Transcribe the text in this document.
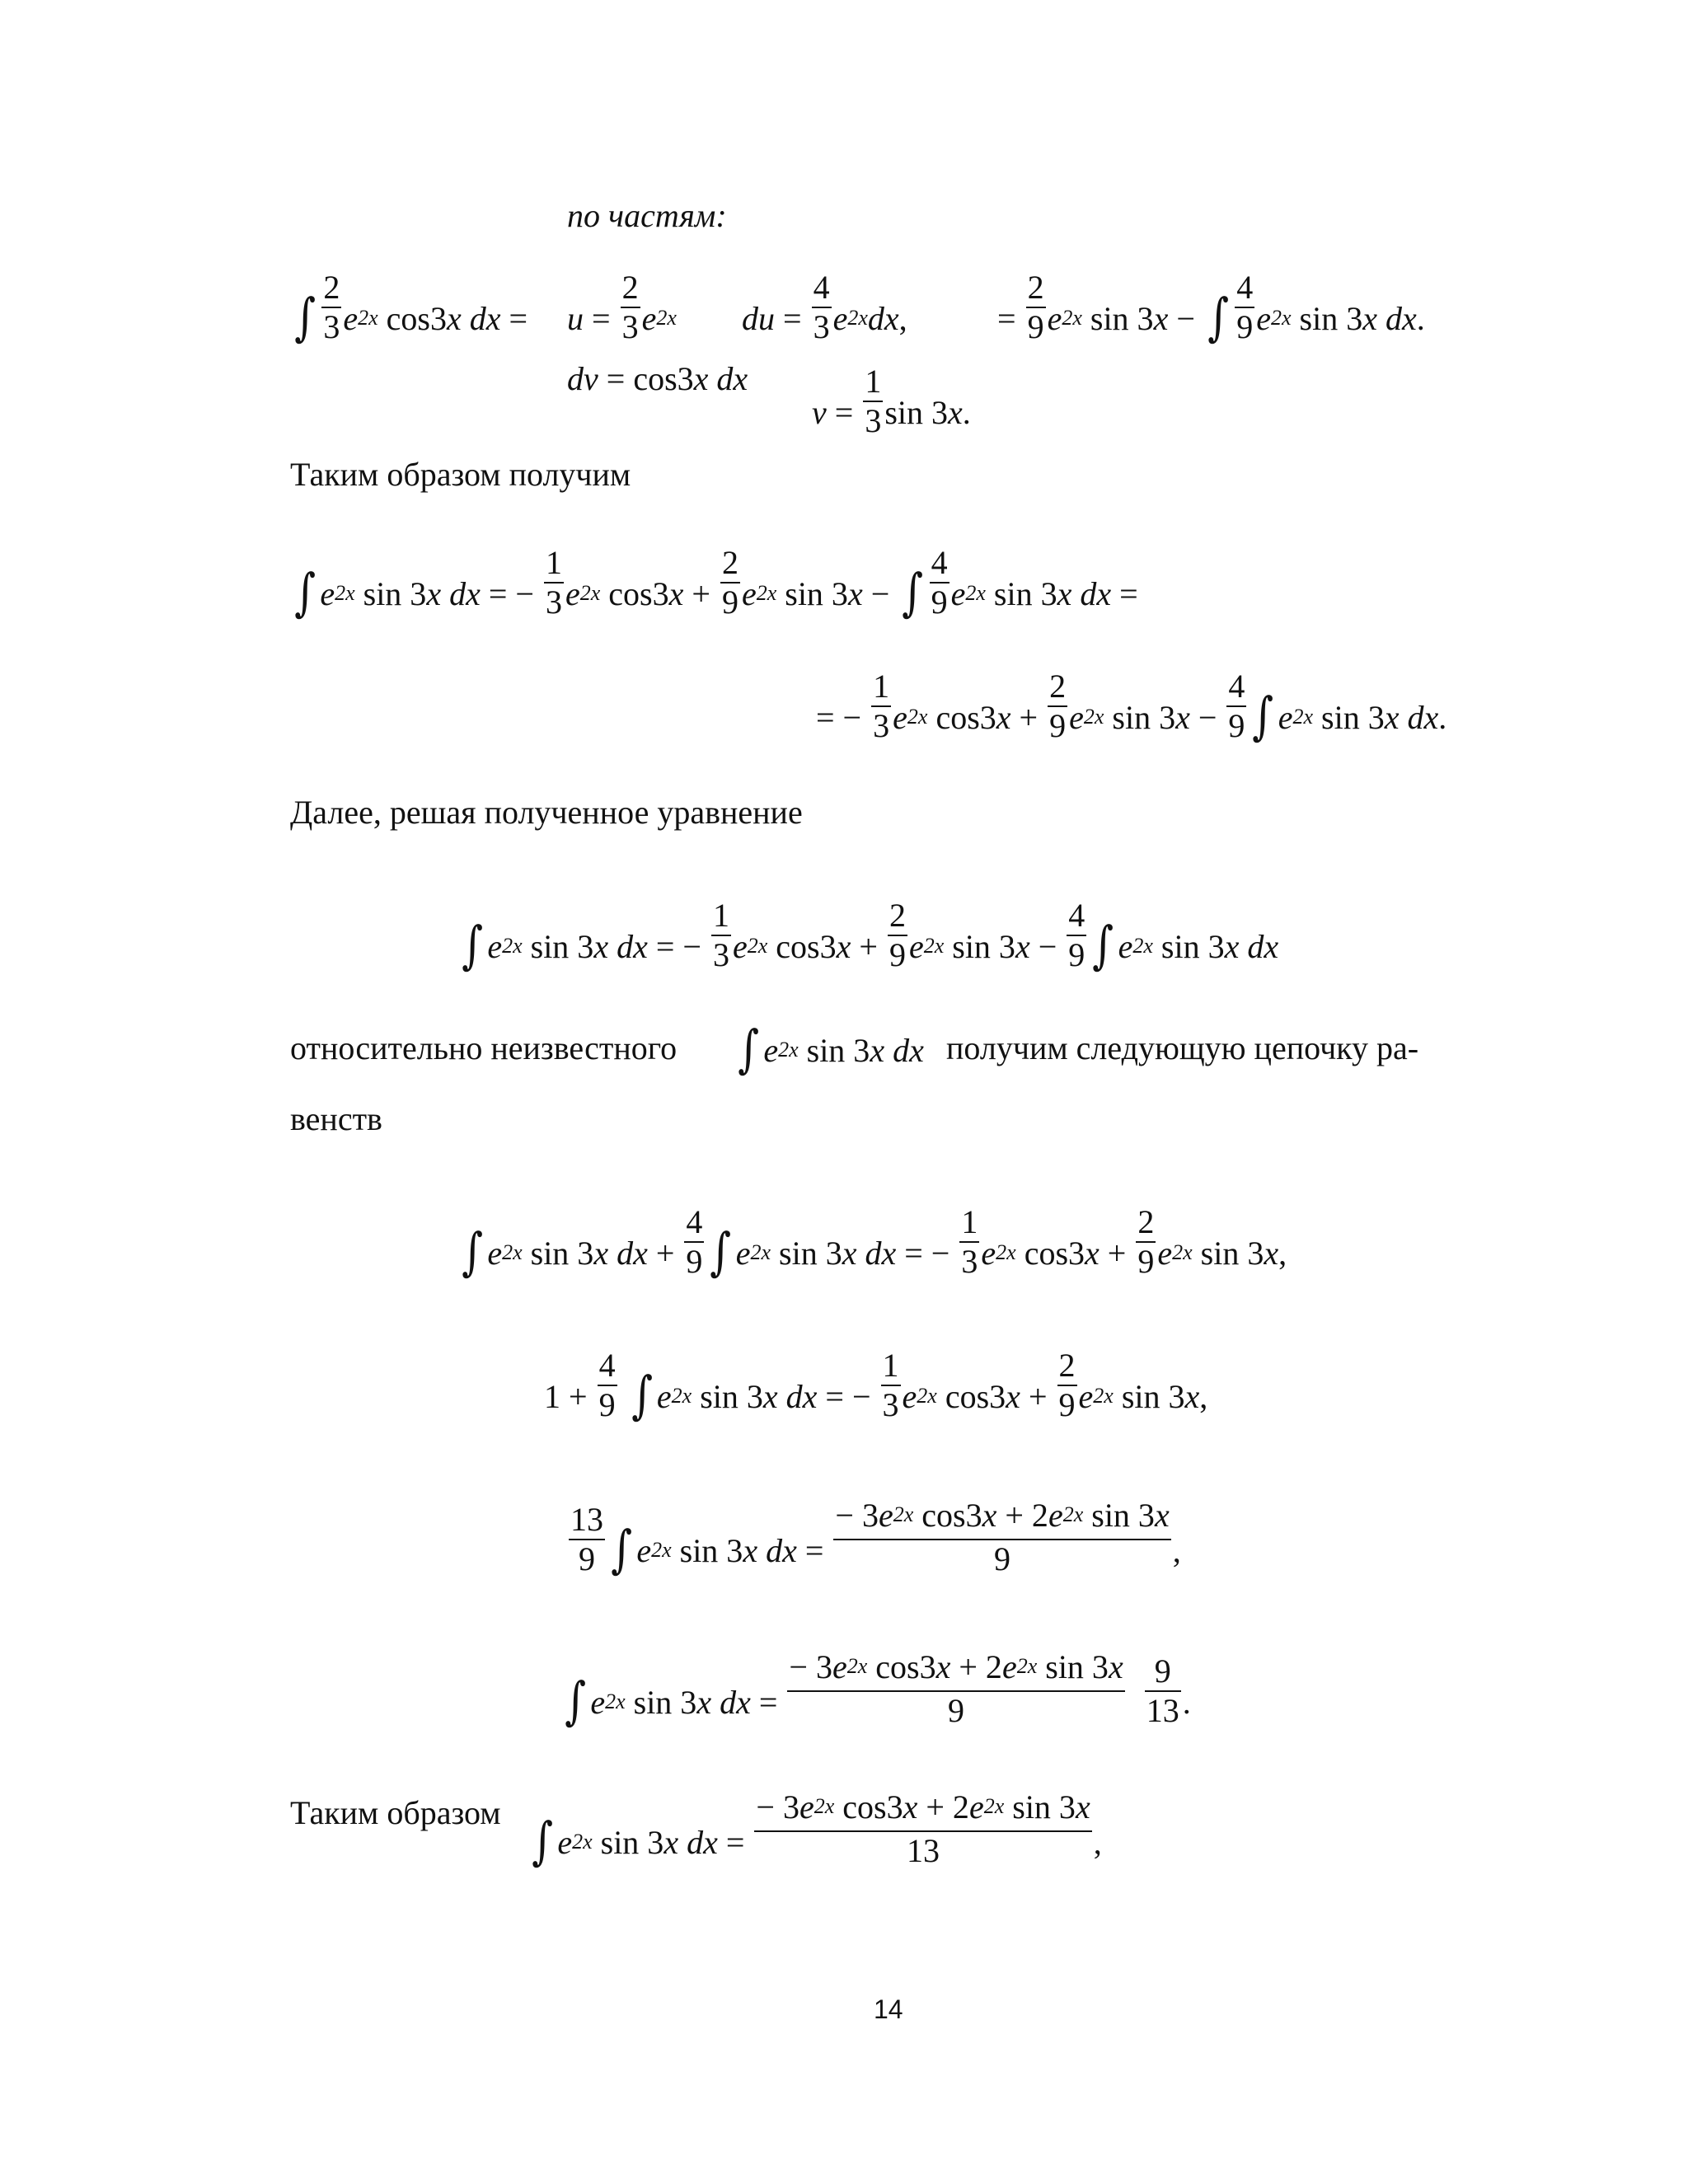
по частям:
∫ $\frac{2}{3} e^{2x}$ cos3x dx = $u = \frac{2}{3} e^{2x}$ du = $\frac{4}{3} e^{2x}dx$,	= $\frac{2}{9} e^{2x}$ sin 3x − ∫ $\frac{4}{9} e^{2x}$ sin 3x dx.
dv = cos3x dx
$v = \frac{1}{3}$ sin 3x.
Таким образом получим
∫ $e^{2x}$ sin 3x dx = − $\frac{1}{3} e^{2x}$ $\cos 3x + \frac{2}{9} e^{2x}$ sin 3x − ∫ $\frac{4}{9} e^{2x}$ sin 3x dx =
= − $\frac{1}{3} e^{2x}$ $\cos 3x + \frac{2}{9} e^{2x}$ $\sin 3x - \frac{4}{9}$ ∫ $e^{2x}$ sin 3x dx.
Далее, решая полученное уравнение
∫ $e^{2x}$ sin 3x dx = − $\frac{1}{3} e^{2x}$ $\cos 3x + \frac{2}{9} e^{2x}$ $\sin 3x - \frac{4}{9}$ ∫ $e^{2x}$ sin 3x dx
относительно неизвестного ∫ $e^{2x}$ sin 3x dx получим следующую цепочку ра-
венств
∫ $e^{2x}$ sin 3x dx + $\frac{4}{9}$ ∫ $e^{2x}$ sin 3x dx = − $\frac{1}{3} e^{2x}$ $\cos 3x + \frac{2}{9} e^{2x}$ sin 3x,
$1 + \frac{4}{9}$ ∫ $e^{2x}$ sin 3x dx = − $\frac{1}{3} e^{2x}$ $\cos 3x + \frac{2}{9} e^{2x}$ sin 3x,
$\frac{13}{9}$ ∫ $e^{2x}$ sin 3x dx = $\frac{- 3e^{2x} \cos 3x + 2e^{2x} \sin 3x}{9}$ ,
∫ $e^{2x}$ sin 3x dx = $\frac{- 3e^{2x} \cos 3x + 2e^{2x} \sin 3x}{9}$
$\frac{9}{13}$ .
Таким образом ∫ $e^{2x}$ sin 3x dx = $\frac{- 3e^{2x} \cos 3x + 2e^{2x} \sin 3x}{13}$ ,
14
